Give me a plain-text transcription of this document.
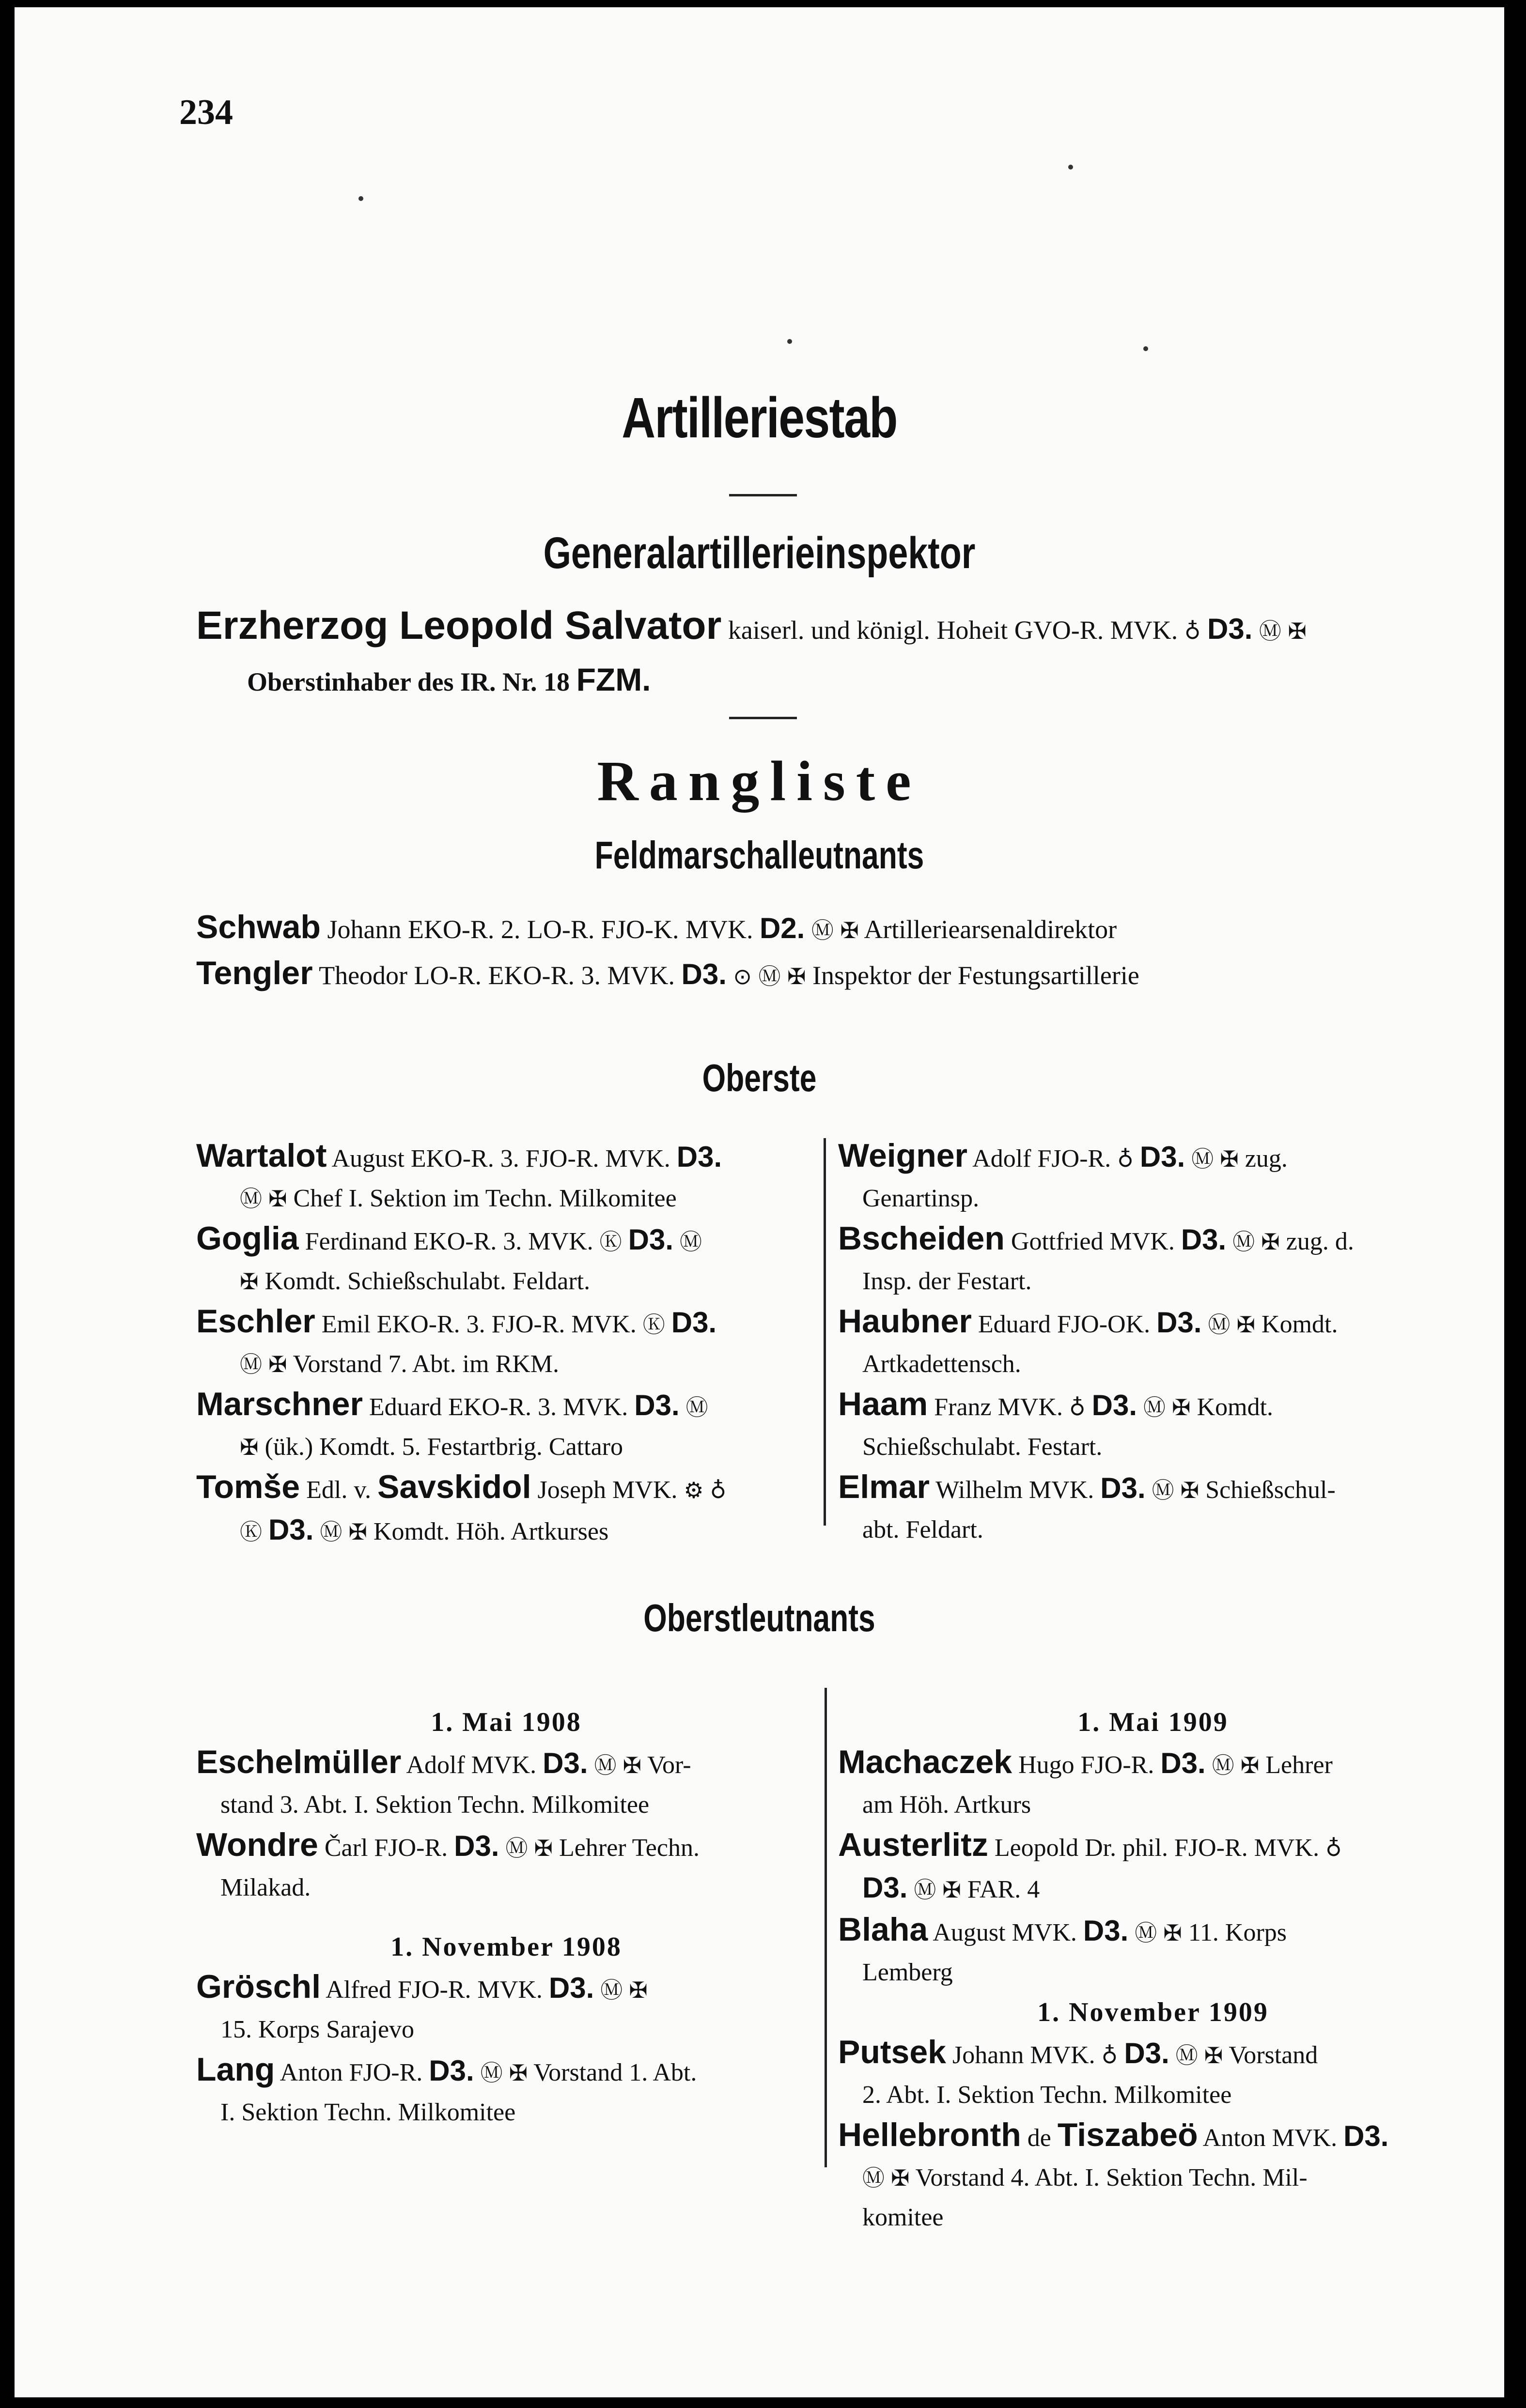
234
Artilleriestab
Generalartillerieinspektor
Erzherzog Leopold Salvator kaiserl. und königl. Hoheit GVO-R. MVK. ♁ D3. Ⓜ ✠
Oberstinhaber des IR. Nr. 18 FZM.
Rangliste
Feldmarschalleutnants
Schwab Johann EKO-R. 2. LO-R. FJO-K. MVK. D2. Ⓜ ✠ Artilleriearsenaldirektor
Tengler Theodor LO-R. EKO-R. 3. MVK. D3. ⊙ Ⓜ ✠ Inspektor der Festungsartillerie
Oberste
Wartalot August EKO-R. 3. FJO-R. MVK. D3.
Ⓜ ✠ Chef I. Sektion im Techn. Milkomitee
Goglia Ferdinand EKO-R. 3. MVK. Ⓚ D3. Ⓜ
✠ Komdt. Schießschulabt. Feldart.
Eschler Emil EKO-R. 3. FJO-R. MVK. Ⓚ D3.
Ⓜ ✠ Vorstand 7. Abt. im RKM.
Marschner Eduard EKO-R. 3. MVK. D3. Ⓜ
✠ (ük.) Komdt. 5. Festartbrig. Cattaro
Tomše Edl. v. Savskidol Joseph MVK. ⚙ ♁
Ⓚ D3. Ⓜ ✠ Komdt. Höh. Artkurses
Weigner Adolf FJO-R. ♁ D3. Ⓜ ✠ zug.
Genartinsp.
Bscheiden Gottfried MVK. D3. Ⓜ ✠ zug. d.
Insp. der Festart.
Haubner Eduard FJO-OK. D3. Ⓜ ✠ Komdt.
Artkadettensch.
Haam Franz MVK. ♁ D3. Ⓜ ✠ Komdt.
Schießschulabt. Festart.
Elmar Wilhelm MVK. D3. Ⓜ ✠ Schießschul-
abt. Feldart.
Oberstleutnants
1. Mai 1908
Eschelmüller Adolf MVK. D3. Ⓜ ✠ Vor-
stand 3. Abt. I. Sektion Techn. Milkomitee
Wondre Čarl FJO-R. D3. Ⓜ ✠ Lehrer Techn.
Milakad.
1. November 1908
Gröschl Alfred FJO-R. MVK. D3. Ⓜ ✠
15. Korps Sarajevo
Lang Anton FJO-R. D3. Ⓜ ✠ Vorstand 1. Abt.
I. Sektion Techn. Milkomitee
1. Mai 1909
Machaczek Hugo FJO-R. D3. Ⓜ ✠ Lehrer
am Höh. Artkurs
Austerlitz Leopold Dr. phil. FJO-R. MVK. ♁
D3. Ⓜ ✠ FAR. 4
Blaha August MVK. D3. Ⓜ ✠ 11. Korps
Lemberg
1. November 1909
Putsek Johann MVK. ♁ D3. Ⓜ ✠ Vorstand
2. Abt. I. Sektion Techn. Milkomitee
Hellebronth de Tiszabeö Anton MVK. D3.
Ⓜ ✠ Vorstand 4. Abt. I. Sektion Techn. Mil-
komitee
